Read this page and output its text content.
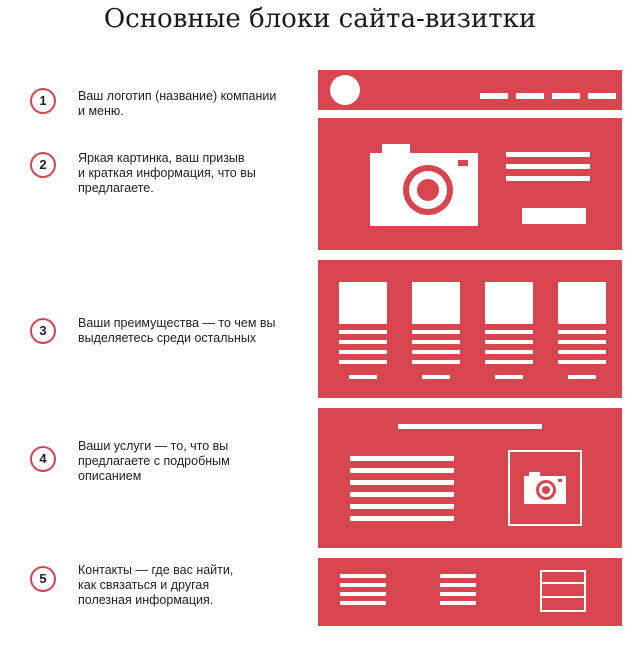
Основные блоки сайта-визитки
1	Ваш логотип (название) компании
и меню.
2	Яркая картинка, ваш призыв
и краткая информация, что вы
предлагаете.
3	Ваши преимущества — то чем вы
выделяетесь среди остальных
4
Ваши услуги — то, что вы
предлагаете с подробным
описанием
5
Контакты — где вас найти,
как связаться и другая
полезная информация.
